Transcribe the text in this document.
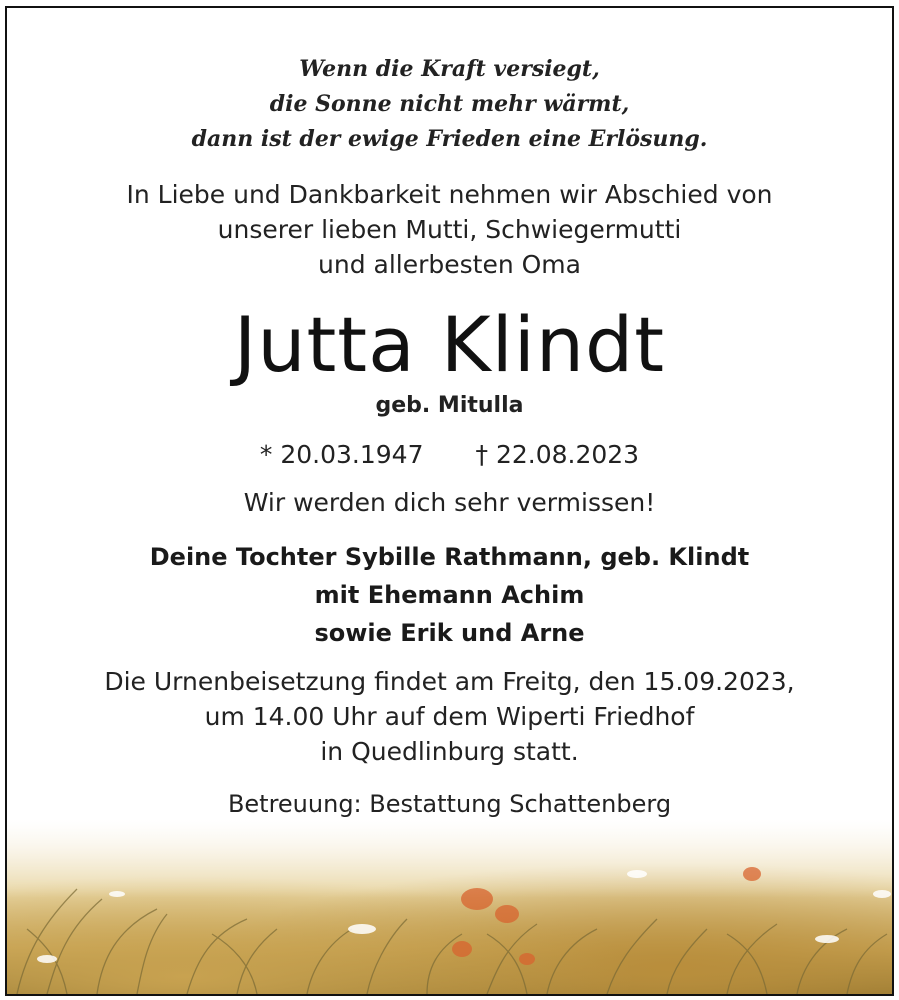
Wenn die Kraft versiegt,
die Sonne nicht mehr wärmt,
dann ist der ewige Frieden eine Erlösung.
In Liebe und Dankbarkeit nehmen wir Abschied von
unserer lieben Mutti, Schwiegermutti
und allerbesten Oma
Jutta Klindt
geb. Mitulla
* 20.03.1947 † 22.08.2023
Wir werden dich sehr vermissen!
Deine Tochter Sybille Rathmann, geb. Klindt
mit Ehemann Achim
sowie Erik und Arne
Die Urnenbeisetzung findet am Freitg, den 15.09.2023,
um 14.00 Uhr auf dem Wiperti Friedhof
in Quedlinburg statt.
Betreuung: Bestattung Schattenberg
